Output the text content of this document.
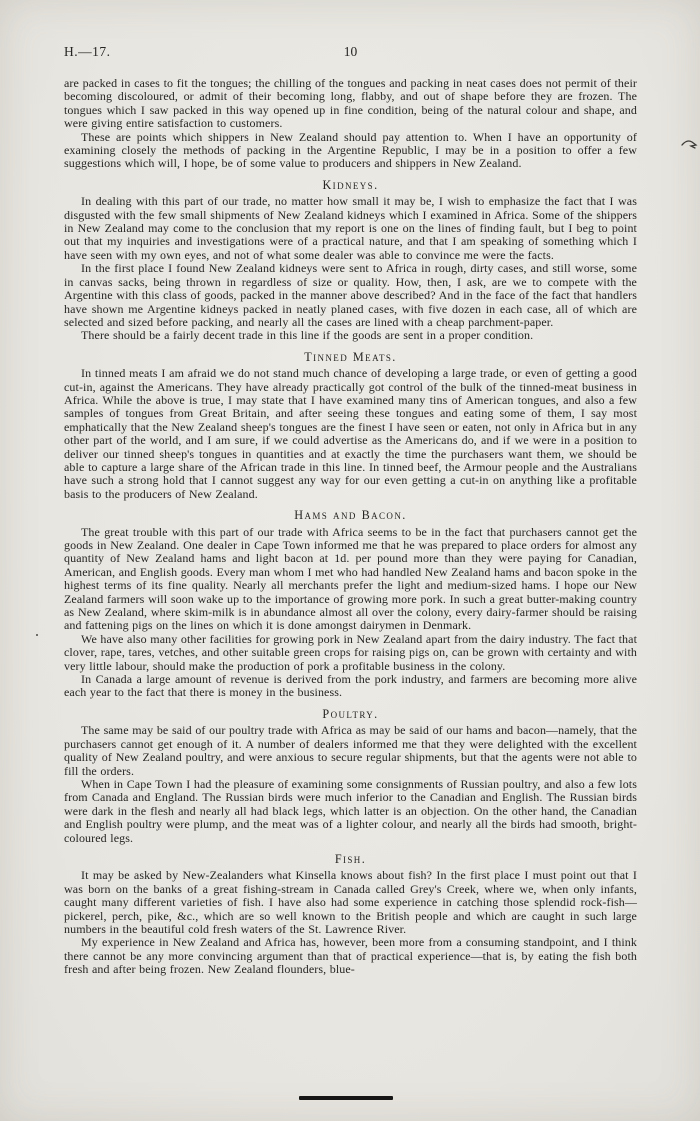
H.—17.	10

are packed in cases to fit the tongues; the chilling of the tongues and packing in neat cases does not permit of their becoming discoloured, or admit of their becoming long, flabby, and out of shape before they are frozen. The tongues which I saw packed in this way opened up in fine condition, being of the natural colour and shape, and were giving entire satisfaction to customers.

These are points which shippers in New Zealand should pay attention to. When I have an opportunity of examining closely the methods of packing in the Argentine Republic, I may be in a position to offer a few suggestions which will, I hope, be of some value to producers and shippers in New Zealand.

Kidneys.

In dealing with this part of our trade, no matter how small it may be, I wish to emphasize the fact that I was disgusted with the few small shipments of New Zealand kidneys which I examined in Africa. Some of the shippers in New Zealand may come to the conclusion that my report is one on the lines of finding fault, but I beg to point out that my inquiries and investigations were of a practical nature, and that I am speaking of something which I have seen with my own eyes, and not of what some dealer was able to convince me were the facts.

In the first place I found New Zealand kidneys were sent to Africa in rough, dirty cases, and still worse, some in canvas sacks, being thrown in regardless of size or quality. How, then, I ask, are we to compete with the Argentine with this class of goods, packed in the manner above described? And in the face of the fact that handlers have shown me Argentine kidneys packed in neatly planed cases, with five dozen in each case, all of which are selected and sized before packing, and nearly all the cases are lined with a cheap parchment-paper.

There should be a fairly decent trade in this line if the goods are sent in a proper condition.

Tinned Meats.

In tinned meats I am afraid we do not stand much chance of developing a large trade, or even of getting a good cut-in, against the Americans. They have already practically got control of the bulk of the tinned-meat business in Africa. While the above is true, I may state that I have examined many tins of American tongues, and also a few samples of tongues from Great Britain, and after seeing these tongues and eating some of them, I say most emphatically that the New Zealand sheep's tongues are the finest I have seen or eaten, not only in Africa but in any other part of the world, and I am sure, if we could advertise as the Americans do, and if we were in a position to deliver our tinned sheep's tongues in quantities and at exactly the time the purchasers want them, we should be able to capture a large share of the African trade in this line. In tinned beef, the Armour people and the Australians have such a strong hold that I cannot suggest any way for our even getting a cut-in on anything like a profitable basis to the producers of New Zealand.

Hams and Bacon.

The great trouble with this part of our trade with Africa seems to be in the fact that purchasers cannot get the goods in New Zealand. One dealer in Cape Town informed me that he was prepared to place orders for almost any quantity of New Zealand hams and light bacon at 1d. per pound more than they were paying for Canadian, American, and English goods. Every man whom I met who had handled New Zealand hams and bacon spoke in the highest terms of its fine quality. Nearly all merchants prefer the light and medium-sized hams. I hope our New Zealand farmers will soon wake up to the importance of growing more pork. In such a great butter-making country as New Zealand, where skim-milk is in abundance almost all over the colony, every dairy-farmer should be raising and fattening pigs on the lines on which it is done amongst dairymen in Denmark.

We have also many other facilities for growing pork in New Zealand apart from the dairy industry. The fact that clover, rape, tares, vetches, and other suitable green crops for raising pigs on, can be grown with certainty and with very little labour, should make the production of pork a profitable business in the colony.

In Canada a large amount of revenue is derived from the pork industry, and farmers are becoming more alive each year to the fact that there is money in the business.

Poultry.

The same may be said of our poultry trade with Africa as may be said of our hams and bacon—namely, that the purchasers cannot get enough of it. A number of dealers informed me that they were delighted with the excellent quality of New Zealand poultry, and were anxious to secure regular shipments, but that the agents were not able to fill the orders.

When in Cape Town I had the pleasure of examining some consignments of Russian poultry, and also a few lots from Canada and England. The Russian birds were much inferior to the Canadian and English. The Russian birds were dark in the flesh and nearly all had black legs, which latter is an objection. On the other hand, the Canadian and English poultry were plump, and the meat was of a lighter colour, and nearly all the birds had smooth, bright-coloured legs.

Fish.

It may be asked by New-Zealanders what Kinsella knows about fish? In the first place I must point out that I was born on the banks of a great fishing-stream in Canada called Grey's Creek, where we, when only infants, caught many different varieties of fish. I have also had some experience in catching those splendid rock-fish—pickerel, perch, pike, &c., which are so well known to the British people and which are caught in such large numbers in the beautiful cold fresh waters of the St. Lawrence River.

My experience in New Zealand and Africa has, however, been more from a consuming standpoint, and I think there cannot be any more convincing argument than that of practical experience—that is, by eating the fish both fresh and after being frozen. New Zealand flounders, blue-
